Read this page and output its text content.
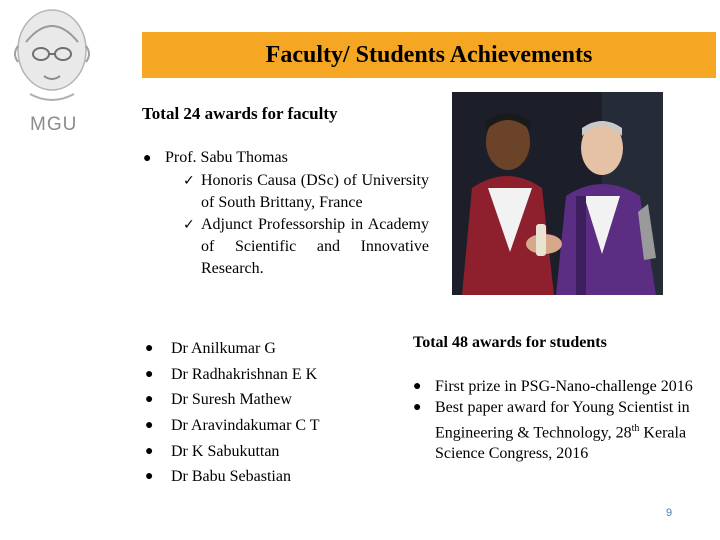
MGU
Faculty/ Students Achievements
Total 24 awards for faculty
● Prof. Sabu Thomas
✓ Honoris Causa (DSc) of University of South Brittany, France
✓ Adjunct Professorship in Academy of Scientific and Innovative Research.
●	Dr Anilkumar G
●	Dr Radhakrishnan E K
●	Dr Suresh Mathew
●	Dr Aravindakumar C T
●	Dr K Sabukuttan
●	Dr Babu Sebastian
Total 48 awards for students
● First prize in PSG-Nano-challenge 2016
● Best paper award for Young Scientist in Engineering & Technology, 28th Kerala Science Congress, 2016
9
